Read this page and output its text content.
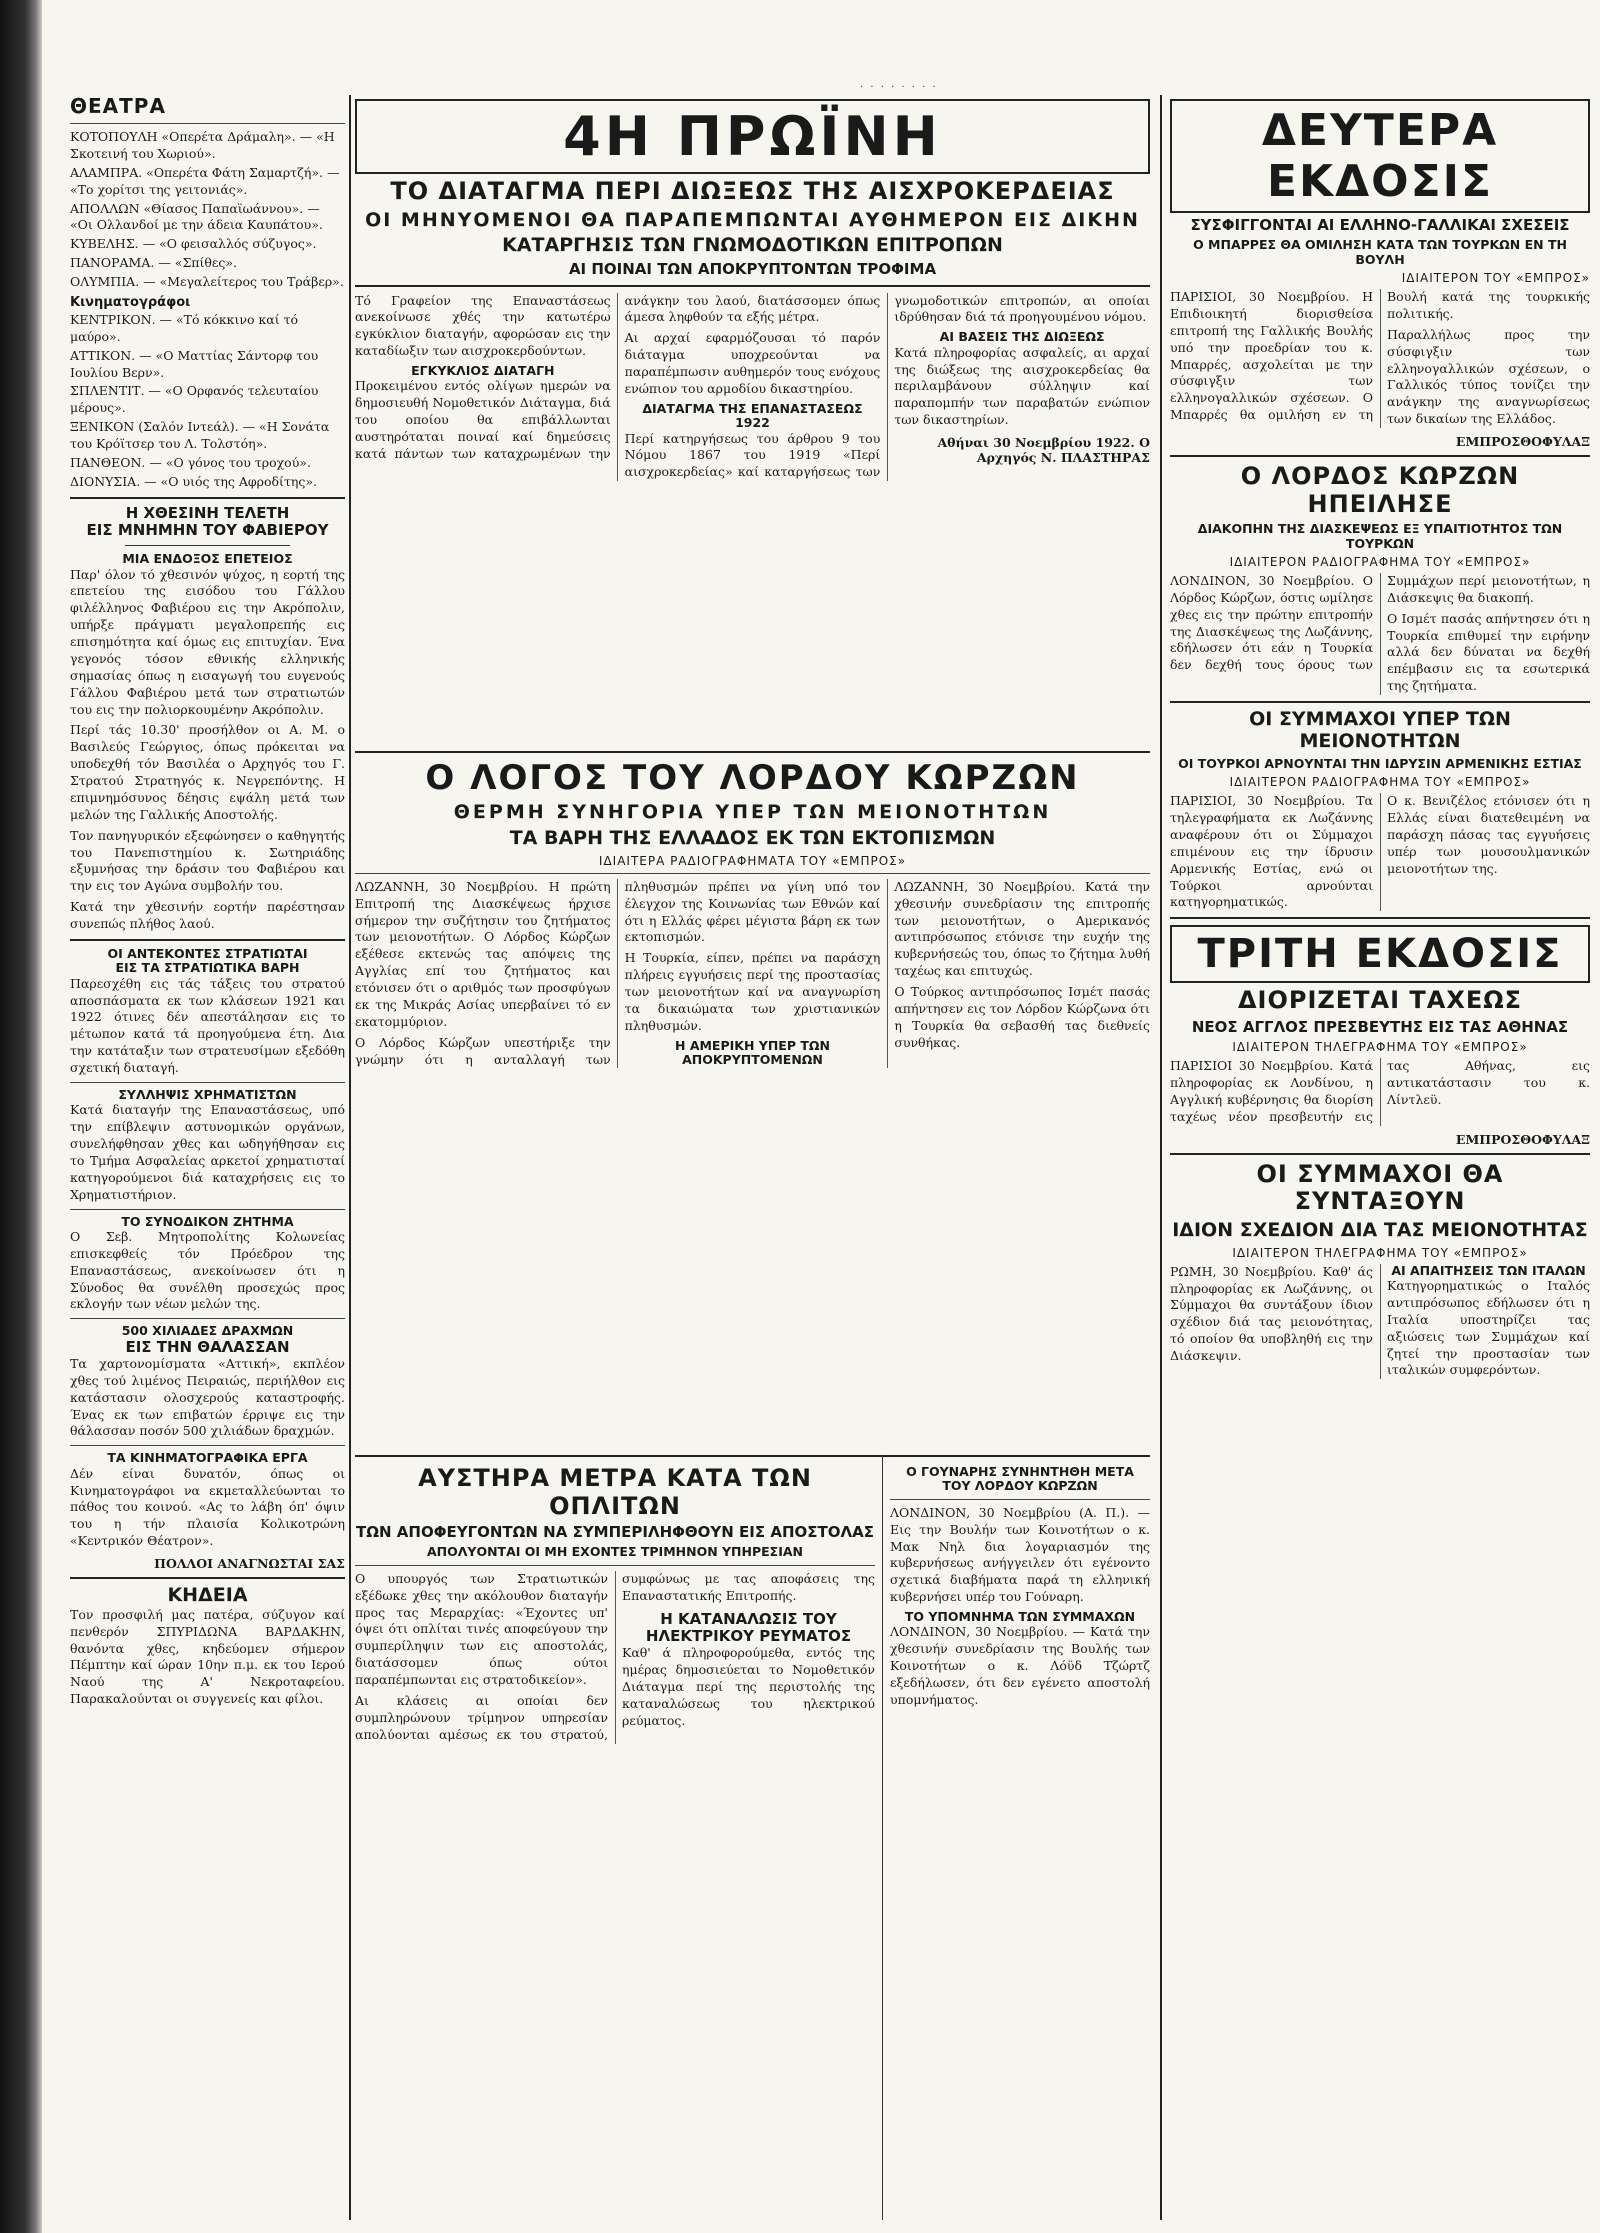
· · · · · · · ·
ΘΕΑΤΡΑ
ΚΟΤΟΠΟΥΛΗ «Οπερέτα Δράμαλη». — «Η Σκοτεινή του Χωριού».
ΑΛΑΜΠΡΑ. «Οπερέτα Φάτη Σαμαρτζή». — «Το χορίτσι της γειτονιάς».
ΑΠΟΛΛΩΝ «Θίασος Παπαϊωάννου». — «Οι Ολλανδοί με την άδεια Καυπάτου».
ΚΥΒΕΛΗΣ. — «Ο φεισαλλός σύζυγος».
ΠΑΝΟΡΑΜΑ. — «Σπίθες».
ΟΛΥΜΠΙΑ. — «Μεγαλείτερος του Τράβερ».
Κινηματογράφοι
ΚΕΝΤΡΙΚΟΝ. — «Τό κόκκινο καί τό μαύρο».
ΑΤΤΙΚΟΝ. — «Ο Ματτίας Σάντορφ του Ιουλίου Βερν».
ΣΠΛΕΝΤΙΤ. — «Ο Ορφανός τελευταίου μέρους».
ΞΕΝΙΚΟΝ (Σαλόν Ιντεάλ). — «Η Σονάτα του Κρόϊτσερ του Λ. Τολστόη».
ΠΑΝΘΕΟΝ. — «Ο γόνος του τροχού».
ΔΙΟΝΥΣΙΑ. — «Ο υιός της Αφροδίτης».
Η ΧΘΕΣΙΝΗ ΤΕΛΕΤΗ
ΕΙΣ ΜΝΗΜΗΝ ΤΟΥ ΦΑΒΙΕΡΟΥ
ΜΙΑ ΕΝΔΟΞΟΣ ΕΠΕΤΕΙΟΣ

Παρ' όλον τό χθεσινόν ψύχος, η εορτή της επετείου της εισόδου του Γάλλου φιλέλληνος Φαβιέρου εις την Ακρόπολιν, υπήρξε πράγματι μεγαλοπρεπής εις επισημότητα καί όμως εις επιτυχίαν. Ένα γεγονός τόσον εθνικής ελληνικής σημασίας όπως η εισαγωγή του ευγενούς Γάλλου Φαβιέρου μετά των στρατιωτών του εις την πολιορκουμένην Ακρόπολιν.

Περί τάς 10.30' προσήλθον οι Α. Μ. ο Βασιλεύς Γεώργιος, όπως πρόκειται να υποδεχθή τόν Βασιλέα ο Αρχηγός του Γ. Στρατού Στρατηγός κ. Νεγρεπόντης. Η επιμνημόσυνος δέησις εψάλη μετά των μελών της Γαλλικής Αποστολής.

Τον πανηγυρικόν εξεφώνησεν ο καθηγητής του Πανεπιστημίου κ. Σωτηριάδης εξυμνήσας την δράσιν του Φαβιέρου και την εις τον Αγώνα συμβολήν του.

Κατά την χθεσινήν εορτήν παρέστησαν συνεπώς πλήθος λαού.

ΟΙ ΑΝΤΕΚΟΝΤΕΣ ΣΤΡΑΤΙΩΤΑΙ
ΕΙΣ ΤΑ ΣΤΡΑΤΙΩΤΙΚΑ ΒΑΡΗ

Παρεσχέθη εις τάς τάξεις του στρατού αποσπάσματα εκ των κλάσεων 1921 και 1922 ότινες δέν απεστάλησαν εις το μέτωπον κατά τά προηγούμενα έτη. Δια την κατάταξιν των στρατευσίμων εξεδόθη σχετική διαταγή.

ΣΥΛΛΗΨΙΣ ΧΡΗΜΑΤΙΣΤΩΝ

Κατά διαταγήν της Επαναστάσεως, υπό την επίβλεψιν αστυνομικών οργάνων, συνελήφθησαν χθες και ωδηγήθησαν εις το Τμήμα Ασφαλείας αρκετοί χρηματισταί κατηγορούμενοι διά καταχρήσεις εις το Χρηματιστήριον.

ΤΟ ΣΥΝΟΔΙΚΟΝ ΖΗΤΗΜΑ

Ο Σεβ. Μητροπολίτης Κολωνείας επισκεφθείς τόν Πρόεδρον της Επαναστάσεως, ανεκοίνωσεν ότι η Σύνοδος θα συνέλθη προσεχώς προς εκλογήν των νέων μελών της.

500 ΧΙΛΙΑΔΕΣ ΔΡΑΧΜΩΝ
ΕΙΣ ΤΗΝ ΘΑΛΑΣΣΑΝ

Τα χαρτονομίσματα «Αττική», εκπλέον χθες τού λιμένος Πειραιώς, περιήλθον εις κατάστασιν ολοσχερούς καταστροφής. Ένας εκ των επιβατών έρριψε εις την θάλασσαν ποσόν 500 χιλιάδων δραχμών.

ΤΑ ΚΙΝΗΜΑΤΟΓΡΑΦΙΚΑ ΕΡΓΑ

Δέν είναι δυνατόν, όπως οι Κινηματογράφοι να εκμεταλλεύωνται το πάθος του κοινού. «Ας το λάβη όπ' όψιν του η τήν πλαισία Κολικοτρώνη «Κεντρικόν Θέατρον».

ΠΟΛΛΟΙ ΑΝΑΓΝΩΣΤΑΙ ΣΑΣ
ΚΗΔΕΙΑ

Τον προσφιλή μας πατέρα, σύζυγον καί πενθερόν ΣΠΥΡΙΔΩΝΑ ΒΑΡΔΑΚΗΝ, θανόντα χθες, κηδεύομεν σήμερον Πέμπτην καί ώραν 10ην π.μ. εκ του Ιερού Ναού της Α' Νεκροταφείου. Παρακαλούνται οι συγγενείς και φίλοι.

4Η ΠΡΩΪΝΗ
ΤΟ ΔΙΑΤΑΓΜΑ ΠΕΡΙ ΔΙΩΞΕΩΣ ΤΗΣ ΑΙΣΧΡΟΚΕΡΔΕΙΑΣ
ΟΙ ΜΗΝΥΟΜΕΝΟΙ ΘΑ ΠΑΡΑΠΕΜΠΩΝΤΑΙ ΑΥΘΗΜΕΡΟΝ ΕΙΣ ΔΙΚΗΝ
ΚΑΤΑΡΓΗΣΙΣ ΤΩΝ ΓΝΩΜΟΔΟΤΙΚΩΝ ΕΠΙΤΡΟΠΩΝ
ΑΙ ΠΟΙΝΑΙ ΤΩΝ ΑΠΟΚΡΥΠΤΟΝΤΩΝ ΤΡΟΦΙΜΑ

Τό Γραφείον της Επαναστάσεως ανεκοίνωσε χθές την κατωτέρω εγκύκλιον διαταγήν, αφορώσαν εις την καταδίωξιν των αισχροκερδούντων.

ΕΓΚΥΚΛΙΟΣ ΔΙΑΤΑΓΗ

Προκειμένου εντός ολίγων ημερών να δημοσιευθή Νομοθετικόν Διάταγμα, διά του οποίου θα επιβάλλωνται αυστηρόταται ποιναί καί δημεύσεις κατά πάντων των καταχρωμένων την ανάγκην του λαού, διατάσσομεν όπως άμεσα ληφθούν τα εξής μέτρα.

Αι αρχαί εφαρμόζουσαι τό παρόν διάταγμα υποχρεούνται να παραπέμπωσιν αυθημερόν τους ενόχους ενώπιον του αρμοδίου δικαστηρίου.

ΔΙΑΤΑΓΜΑ ΤΗΣ ΕΠΑΝΑΣΤΑΣΕΩΣ 1922

Περί κατηργήσεως του άρθρου 9 του Νόμου 1867 του 1919 «Περί αισχροκερδείας» καί καταργήσεως των γνωμοδοτικών επιτροπών, αι οποίαι ιδρύθησαν διά τά προηγουμένου νόμου.

ΑΙ ΒΑΣΕΙΣ ΤΗΣ ΔΙΩΞΕΩΣ

Κατά πληροφορίας ασφαλείς, αι αρχαί της διώξεως της αισχροκερδείας θα περιλαμβάνουν σύλληψιν καί παραπομπήν των παραβατών ενώπιον των δικαστηρίων.

Αθήναι 30 Νοεμβρίου 1922. Ο Αρχηγός Ν. ΠΛΑΣΤΗΡΑΣ
Ο ΛΟΓΟΣ ΤΟΥ ΛΟΡΔΟΥ ΚΩΡΖΩΝ
ΘΕΡΜΗ ΣΥΝΗΓΟΡΙΑ ΥΠΕΡ ΤΩΝ ΜΕΙΟΝΟΤΗΤΩΝ
ΤΑ ΒΑΡΗ ΤΗΣ ΕΛΛΑΔΟΣ ΕΚ ΤΩΝ ΕΚΤΟΠΙΣΜΩΝ
ΙΔΙΑΙΤΕΡΑ ΡΑΔΙΟΓΡΑΦΗΜΑΤΑ ΤΟΥ «ΕΜΠΡΟΣ»

ΛΩΖΑΝΝΗ, 30 Νοεμβρίου. Η πρώτη Επιτροπή της Διασκέψεως ήρχισε σήμερον την συζήτησιν του ζητήματος των μειονοτήτων. Ο Λόρδος Κώρζων εξέθεσε εκτενώς τας απόψεις της Αγγλίας επί του ζητήματος και ετόνισεν ότι ο αριθμός των προσφύγων εκ της Μικράς Ασίας υπερβαίνει τό εν εκατομμύριον.

Ο Λόρδος Κώρζων υπεστήριξε την γνώμην ότι η ανταλλαγή των πληθυσμών πρέπει να γίνη υπό τον έλεγχον της Κοινωνίας των Εθνών καί ότι η Ελλάς φέρει μέγιστα βάρη εκ των εκτοπισμών.

Η Τουρκία, είπεν, πρέπει να παράσχη πλήρεις εγγυήσεις περί της προστασίας των μειονοτήτων καί να αναγνωρίση τα δικαιώματα των χριστιανικών πληθυσμών.

Η ΑΜΕΡΙΚΗ ΥΠΕΡ ΤΩΝ ΑΠΟΚΡΥΠΤΟΜΕΝΩΝ

ΛΩΖΑΝΝΗ, 30 Νοεμβρίου. Κατά την χθεσινήν συνεδρίασιν της επιτροπής των μειονοτήτων, ο Αμερικανός αντιπρόσωπος ετόνισε την ευχήν της κυβερνήσεώς του, όπως το ζήτημα λυθή ταχέως και επιτυχώς.

Ο Τούρκος αντιπρόσωπος Ισμέτ πασάς απήντησεν εις τον Λόρδον Κώρζωνα ότι η Τουρκία θα σεβασθή τας διεθνείς συνθήκας.

ΑΥΣΤΗΡΑ ΜΕΤΡΑ ΚΑΤΑ ΤΩΝ ΟΠΛΙΤΩΝ
ΤΩΝ ΑΠΟΦΕΥΓΟΝΤΩΝ ΝΑ ΣΥΜΠΕΡΙΛΗΦΘΟΥΝ ΕΙΣ ΑΠΟΣΤΟΛΑΣ
ΑΠΟΛΥΟΝΤΑΙ ΟΙ ΜΗ ΕΧΟΝΤΕΣ ΤΡΙΜΗΝΟΝ ΥΠΗΡΕΣΙΑΝ

Ο υπουργός των Στρατιωτικών εξέδωκε χθες την ακόλουθον διαταγήν προς τας Μεραρχίας: «Έχοντες υπ' όψει ότι οπλίται τινές αποφεύγουν την συμπερίληψιν των εις αποστολάς, διατάσσομεν όπως ούτοι παραπέμπωνται εις στρατοδικείον».

Αι κλάσεις αι οποίαι δεν συμπληρώνουν τρίμηνον υπηρεσίαν απολύονται αμέσως εκ του στρατού, συμφώνως με τας αποφάσεις της Επαναστατικής Επιτροπής.

Η ΚΑΤΑΝΑΛΩΣΙΣ ΤΟΥ ΗΛΕΚΤΡΙΚΟΥ ΡΕΥΜΑΤΟΣ

Καθ' ά πληροφορούμεθα, εντός της ημέρας δημοσιεύεται το Νομοθετικόν Διάταγμα περί της περιστολής της καταναλώσεως του ηλεκτρικού ρεύματος.

Ο ΓΟΥΝΑΡΗΣ ΣΥΝΗΝΤΗΘΗ ΜΕΤΑ ΤΟΥ ΛΟΡΔΟΥ ΚΩΡΖΩΝ

ΛΟΝΔΙΝΟΝ, 30 Νοεμβρίου (Α. Π.). — Εις την Βουλήν των Κοινοτήτων ο κ. Μακ Νηλ δια λογαριασμόν της κυβερνήσεως ανήγγειλεν ότι εγένοντο σχετικά διαβήματα παρά τη ελληνική κυβερνήσει υπέρ του Γούναρη.

ΤΟ ΥΠΟΜΝΗΜΑ ΤΩΝ ΣΥΜΜΑΧΩΝ

ΛΟΝΔΙΝΟΝ, 30 Νοεμβρίου. — Κατά την χθεσινήν συνεδρίασιν της Βουλής των Κοινοτήτων ο κ. Λόϋδ Τζώρτζ εξεδήλωσεν, ότι δεν εγένετο αποστολή υπομνήματος.

ΔΕΥΤΕΡΑ ΕΚΔΟΣΙΣ
ΣΥΣΦΙΓΓΟΝΤΑΙ ΑΙ ΕΛΛΗΝΟ-ΓΑΛΛΙΚΑΙ ΣΧΕΣΕΙΣ
Ο ΜΠΑΡΡΕΣ ΘΑ ΟΜΙΛΗΣΗ ΚΑΤΑ ΤΩΝ ΤΟΥΡΚΩΝ ΕΝ ΤΗ ΒΟΥΛΗ
ΙΔΙΑΙΤΕΡΟΝ ΤΟΥ «ΕΜΠΡΟΣ»

ΠΑΡΙΣΙΟΙ, 30 Νοεμβρίου. Η Επιδιοικητή διορισθείσα επιτροπή της Γαλλικής Βουλής υπό την προεδρίαν του κ. Μπαρρές, ασχολείται με την σύσφιγξιν των ελληνογαλλικών σχέσεων. Ο Μπαρρές θα ομιλήση εν τη Βουλή κατά της τουρκικής πολιτικής.

Παραλλήλως προς την σύσφιγξιν των ελληνογαλλικών σχέσεων, ο Γαλλικός τύπος τονίζει την ανάγκην της αναγνωρίσεως των δικαίων της Ελλάδος.

ΕΜΠΡΟΣΘΟΦΥΛΑΞ
Ο ΛΟΡΔΟΣ ΚΩΡΖΩΝ ΗΠΕΙΛΗΣΕ
ΔΙΑΚΟΠΗΝ ΤΗΣ ΔΙΑΣΚΕΨΕΩΣ ΕΞ ΥΠΑΙΤΙΟΤΗΤΟΣ ΤΩΝ ΤΟΥΡΚΩΝ
ΙΔΙΑΙΤΕΡΟΝ ΡΑΔΙΟΓΡΑΦΗΜΑ ΤΟΥ «ΕΜΠΡΟΣ»

ΛΟΝΔΙΝΟΝ, 30 Νοεμβρίου. Ο Λόρδος Κώρζων, όστις ωμίλησε χθες εις την πρώτην επιτροπήν της Διασκέψεως της Λωζάννης, εδήλωσεν ότι εάν η Τουρκία δεν δεχθή τους όρους των Συμμάχων περί μειονοτήτων, η Διάσκεψις θα διακοπή.

Ο Ισμέτ πασάς απήντησεν ότι η Τουρκία επιθυμεί την ειρήνην αλλά δεν δύναται να δεχθή επέμβασιν εις τα εσωτερικά της ζητήματα.

ΟΙ ΣΥΜΜΑΧΟΙ ΥΠΕΡ ΤΩΝ ΜΕΙΟΝΟΤΗΤΩΝ
ΟΙ ΤΟΥΡΚΟΙ ΑΡΝΟΥΝΤΑΙ ΤΗΝ ΙΔΡΥΣΙΝ ΑΡΜΕΝΙΚΗΣ ΕΣΤΙΑΣ
ΙΔΙΑΙΤΕΡΟΝ ΡΑΔΙΟΓΡΑΦΗΜΑ ΤΟΥ «ΕΜΠΡΟΣ»

ΠΑΡΙΣΙΟΙ, 30 Νοεμβρίου. Τα τηλεγραφήματα εκ Λωζάννης αναφέρουν ότι οι Σύμμαχοι επιμένουν εις την ίδρυσιν Αρμενικής Εστίας, ενώ οι Τούρκοι αρνούνται κατηγορηματικώς.

Ο κ. Βενιζέλος ετόνισεν ότι η Ελλάς είναι διατεθειμένη να παράσχη πάσας τας εγγυήσεις υπέρ των μουσουλμανικών μειονοτήτων της.

ΤΡΙΤΗ ΕΚΔΟΣΙΣ
ΔΙΟΡΙΖΕΤΑΙ ΤΑΧΕΩΣ
ΝΕΟΣ ΑΓΓΛΟΣ ΠΡΕΣΒΕΥΤΗΣ ΕΙΣ ΤΑΣ ΑΘΗΝΑΣ
ΙΔΙΑΙΤΕΡΟΝ ΤΗΛΕΓΡΑΦΗΜΑ ΤΟΥ «ΕΜΠΡΟΣ»

ΠΑΡΙΣΙΟΙ 30 Νοεμβρίου. Κατά πληροφορίας εκ Λονδίνου, η Αγγλική κυβέρνησις θα διορίση ταχέως νέον πρεσβευτήν εις τας Αθήνας, εις αντικατάστασιν του κ. Λίντλεϋ.

ΕΜΠΡΟΣΘΟΦΥΛΑΞ
ΟΙ ΣΥΜΜΑΧΟΙ ΘΑ ΣΥΝΤΑΞΟΥΝ
ΙΔΙΟΝ ΣΧΕΔΙΟΝ ΔΙΑ ΤΑΣ ΜΕΙΟΝΟΤΗΤΑΣ
ΙΔΙΑΙΤΕΡΟΝ ΤΗΛΕΓΡΑΦΗΜΑ ΤΟΥ «ΕΜΠΡΟΣ»

ΡΩΜΗ, 30 Νοεμβρίου. Καθ' άς πληροφορίας εκ Λωζάννης, οι Σύμμαχοι θα συντάξουν ίδιον σχέδιον διά τας μειονότητας, τό οποίον θα υποβληθή εις την Διάσκεψιν.

ΑΙ ΑΠΑΙΤΗΣΕΙΣ ΤΩΝ ΙΤΑΛΩΝ

Κατηγορηματικώς ο Ιταλός αντιπρόσωπος εδήλωσεν ότι η Ιταλία υποστηρίζει τας αξιώσεις των Συμμάχων καί ζητεί την προστασίαν των ιταλικών συμφερόντων.
